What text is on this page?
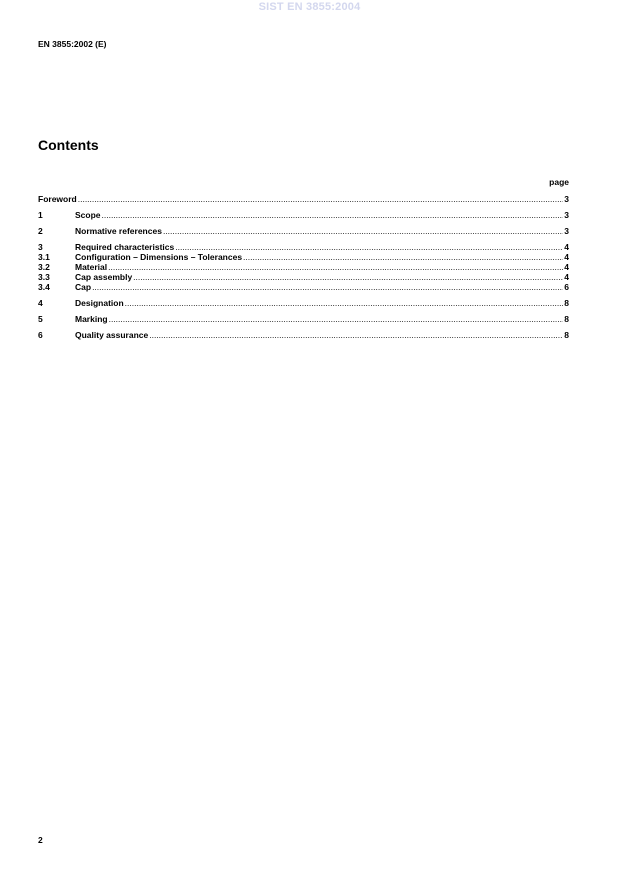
SIST EN 3855:2004
EN 3855:2002 (E)
Contents
page
Foreword .....	3
1	Scope .....	3
2	Normative references .....	3
3	Required characteristics .....	4
3.1	Configuration – Dimensions – Tolerances .....	4
3.2	Material .....	4
3.3	Cap assembly .....	4
3.4	Cap .....	6
4	Designation .....	8
5	Marking .....	8
6	Quality assurance .....	8
2
